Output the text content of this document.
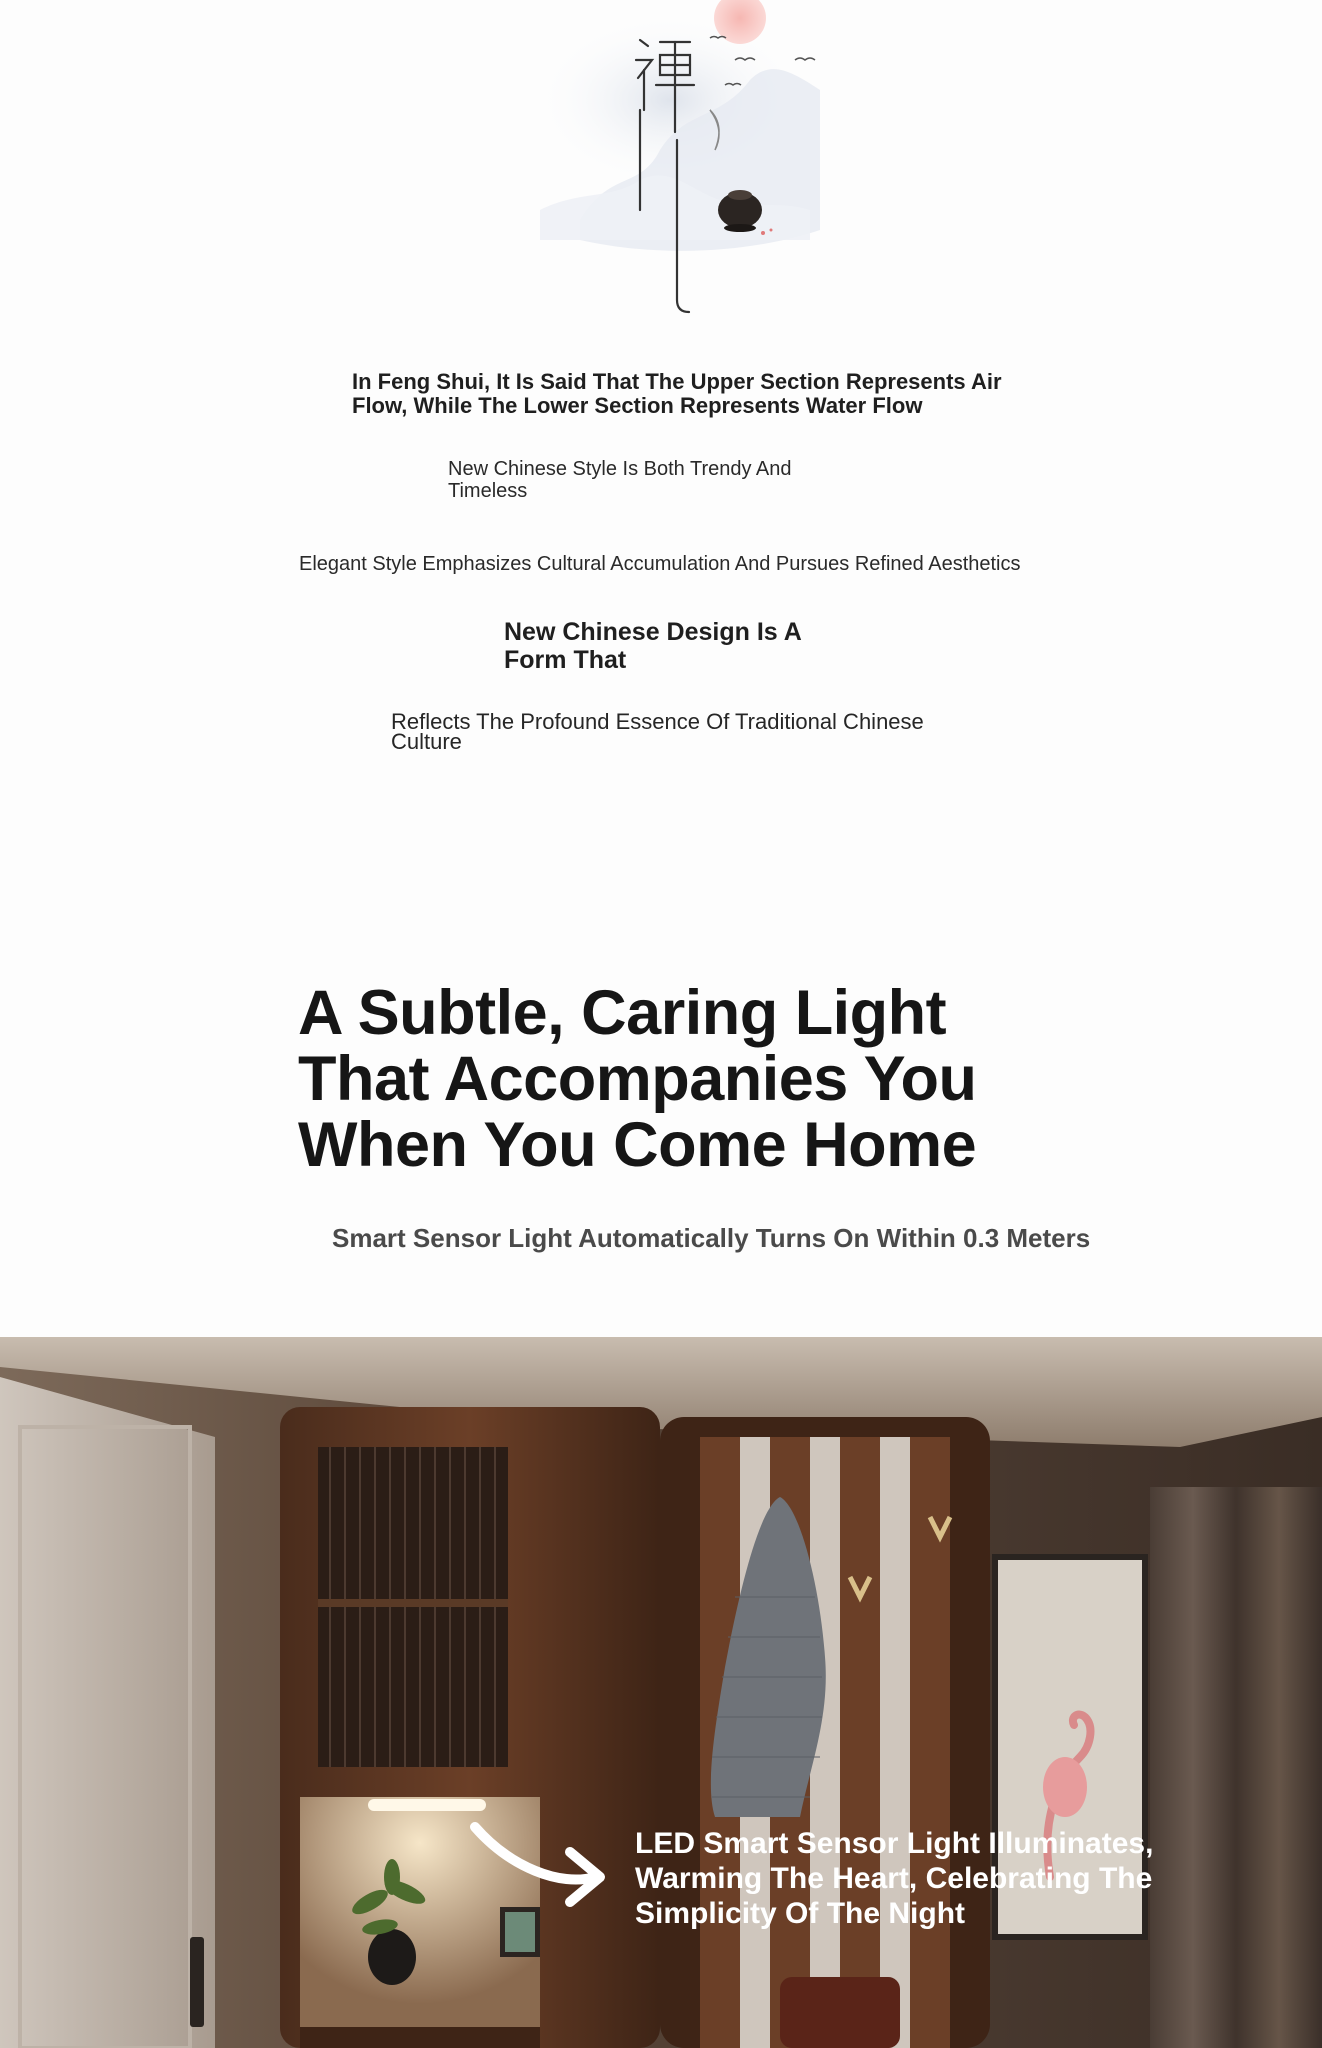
In Feng Shui, It Is Said That The Upper Section Represents Air Flow, While The Lower Section Represents Water Flow
New Chinese Style Is Both Trendy And Timeless
Elegant Style Emphasizes Cultural Accumulation And Pursues Refined Aesthetics
New Chinese Design Is A Form That
Reflects The Profound Essence Of Traditional Chinese Culture
A Subtle, Caring Light That Accompanies You When You Come Home
Smart Sensor Light Automatically Turns On Within 0.3 Meters
LED Smart Sensor Light Illuminates, Warming The Heart, Celebrating The Simplicity Of The Night
